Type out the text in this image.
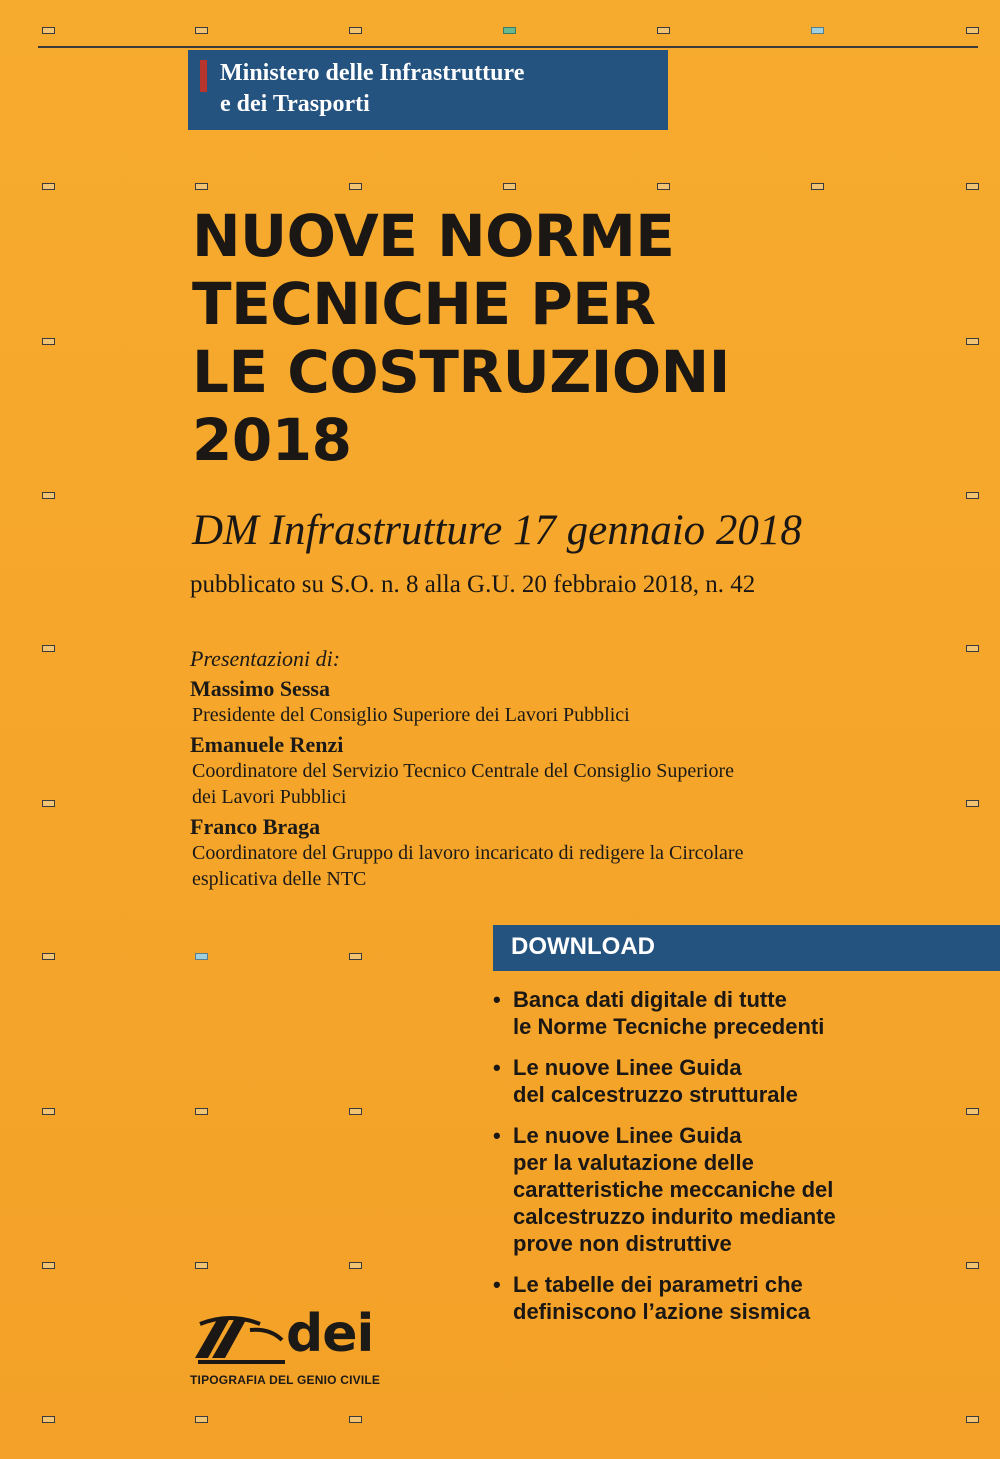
Ministero delle Infrastrutture
e dei Trasporti
NUOVE NORME
TECNICHE PER
LE COSTRUZIONI
2018
DM Infrastrutture 17 gennaio 2018
pubblicato su S.O. n. 8 alla G.U. 20 febbraio 2018, n. 42
Presentazioni di:
Massimo Sessa
Presidente del Consiglio Superiore dei Lavori Pubblici
Emanuele Renzi
Coordinatore del Servizio Tecnico Centrale del Consiglio Superiore
dei Lavori Pubblici
Franco Braga
Coordinatore del Gruppo di lavoro incaricato di redigere la Circolare
esplicativa delle NTC
DOWNLOAD
• Banca dati digitale di tutte
le Norme Tecniche precedenti
• Le nuove Linee Guida
del calcestruzzo strutturale
• Le nuove Linee Guida
per la valutazione delle
caratteristiche meccaniche del
calcestruzzo indurito mediante
prove non distruttive
• Le tabelle dei parametri che
definiscono l’azione sismica
dei
TIPOGRAFIA DEL GENIO CIVILE
